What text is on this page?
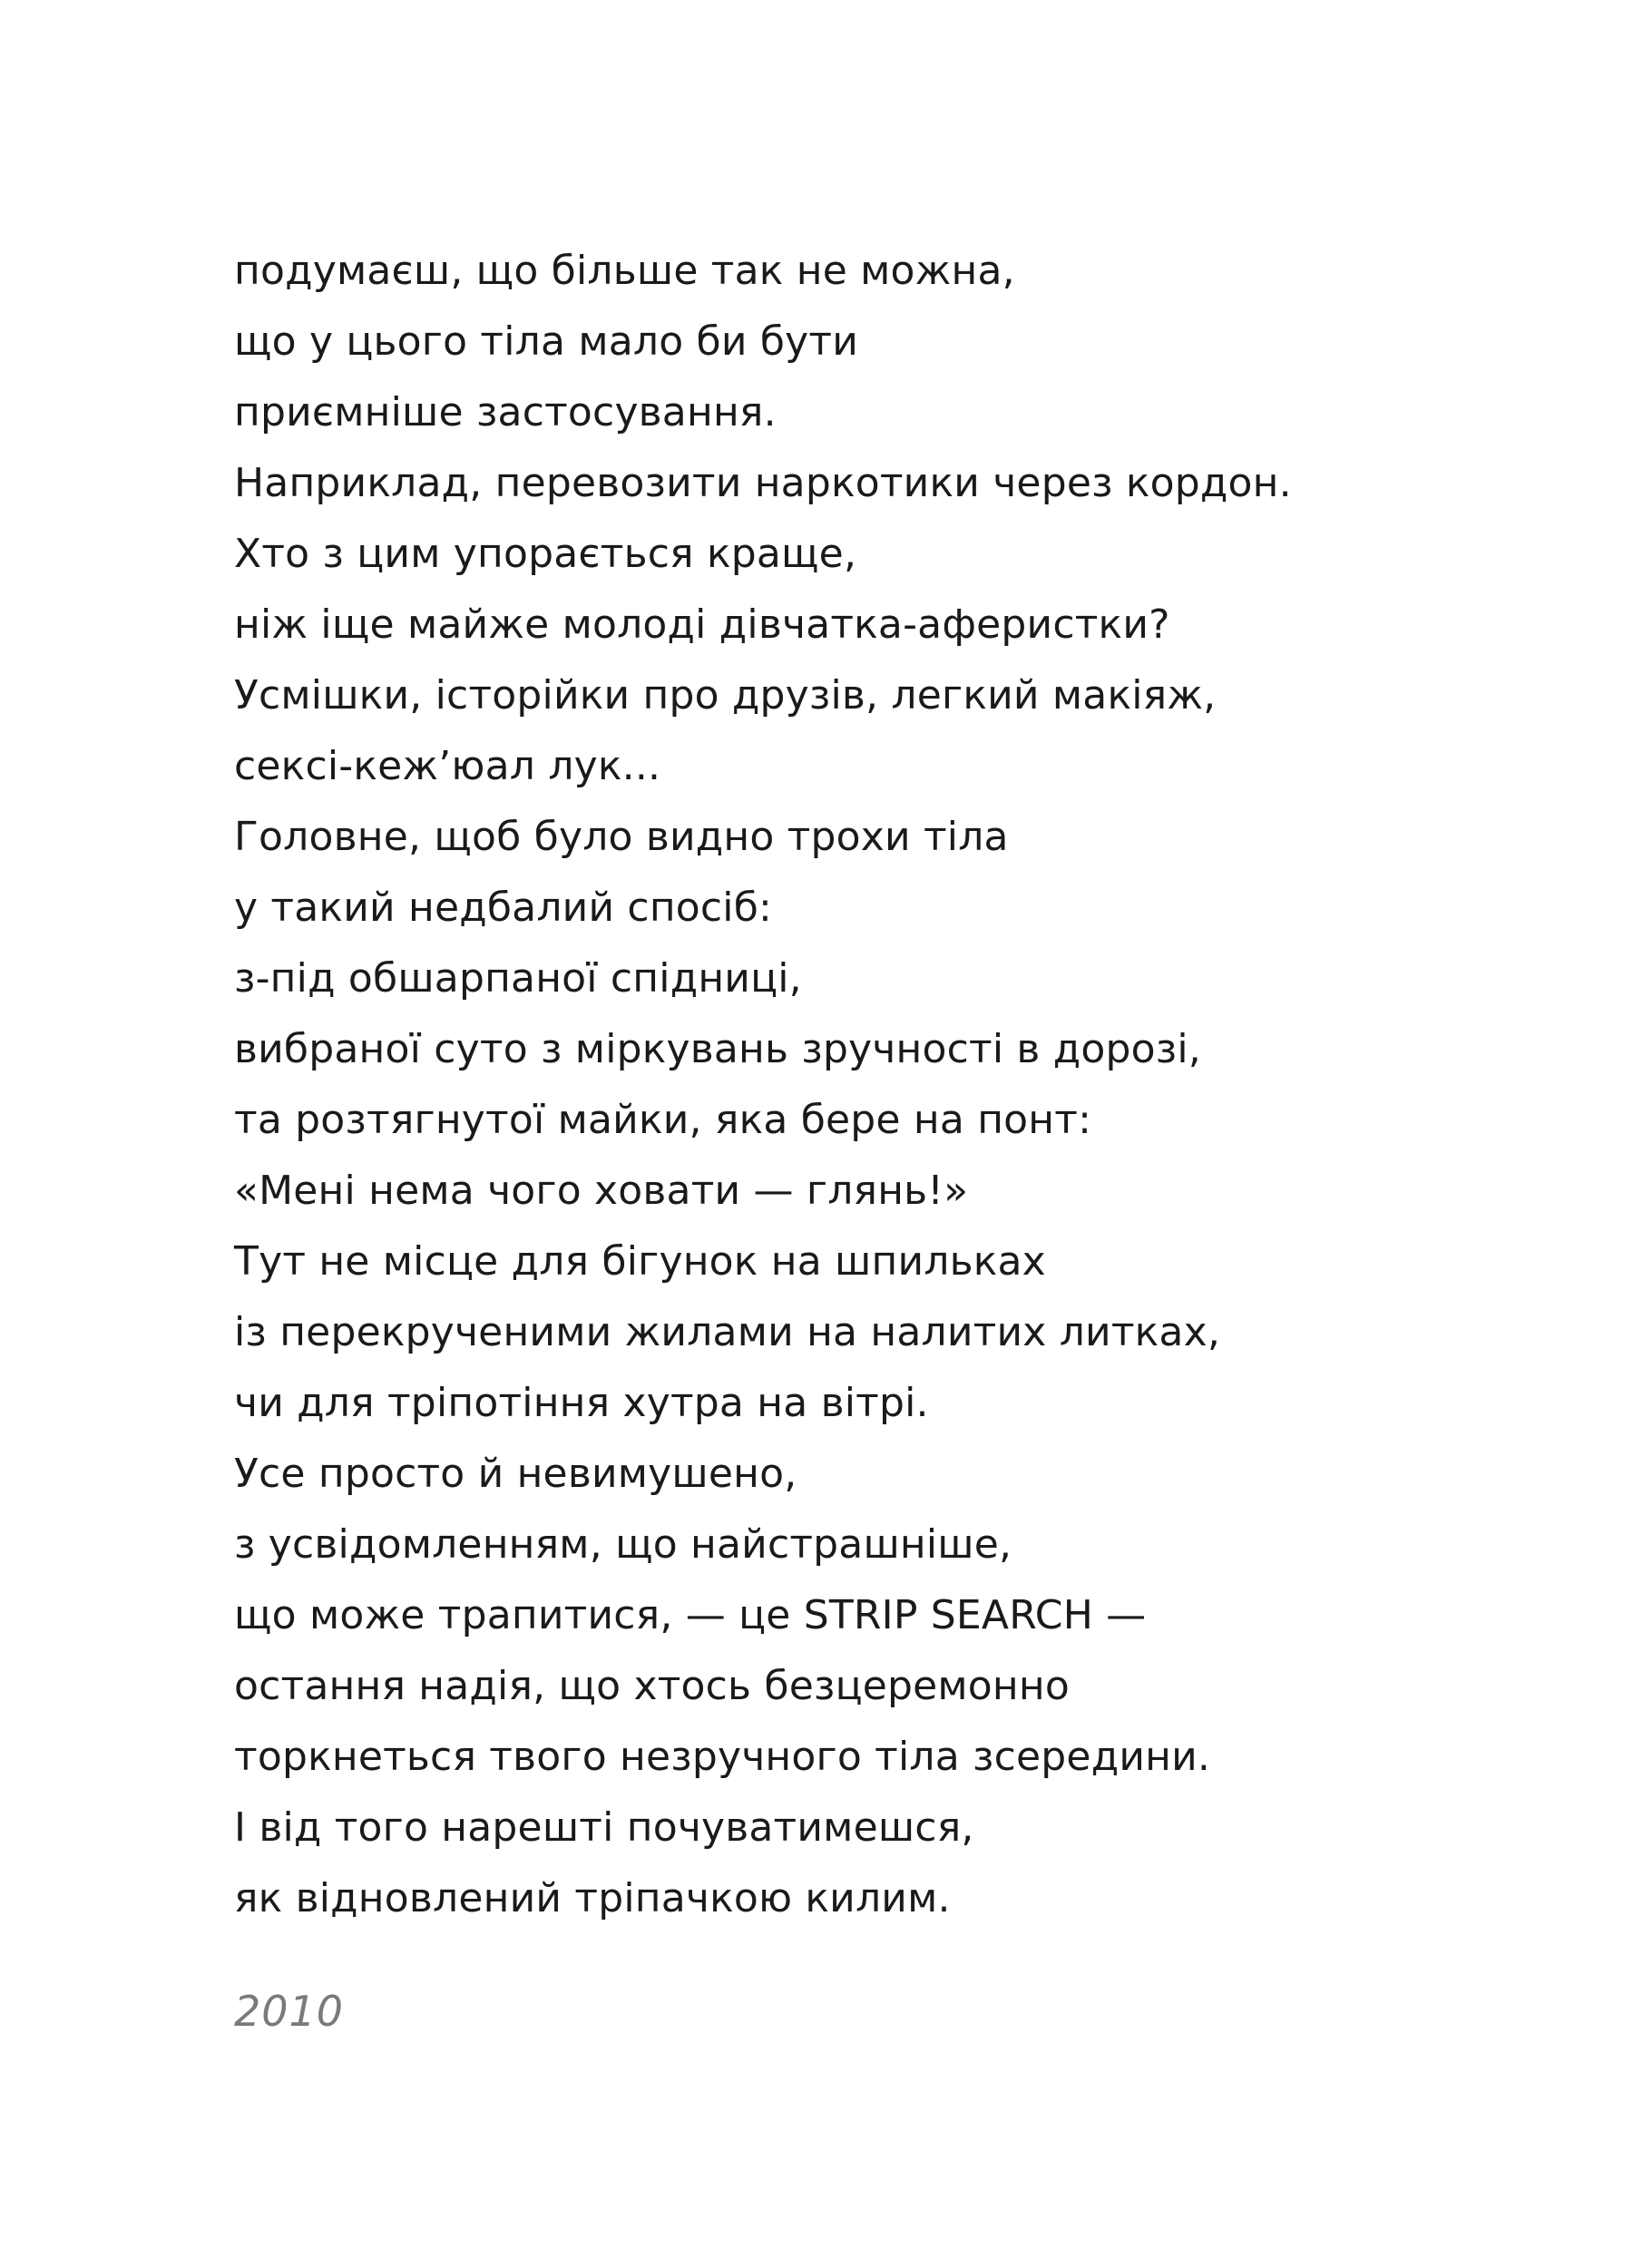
подумаєш, що більше так не можна,
що у цього тіла мало би бути
приємніше застосування.
Наприклад, перевозити наркотики через кордон.
Хто з цим упорається краще,
ніж іще майже молоді дівчатка-аферистки?
Усмішки, історійки про друзів, легкий макіяж,
сексі-кеж’юал лук...
Головне, щоб було видно трохи тіла
у такий недбалий спосіб:
з-під обшарпаної спідниці,
вибраної суто з міркувань зручності в дорозі,
та розтягнутої майки, яка бере на понт:
«Мені нема чого ховати — глянь!»
Тут не місце для бігунок на шпильках
із перекрученими жилами на налитих литках,
чи для тріпотіння хутра на вітрі.
Усе просто й невимушено,
з усвідомленням, що найстрашніше,
що може трапитися, — це STRIP SEARCH —
остання надія, що хтось безцеремонно
торкнеться твого незручного тіла зсередини.
І від того нарешті почуватимешся,
як відновлений тріпачкою килим.
2010
